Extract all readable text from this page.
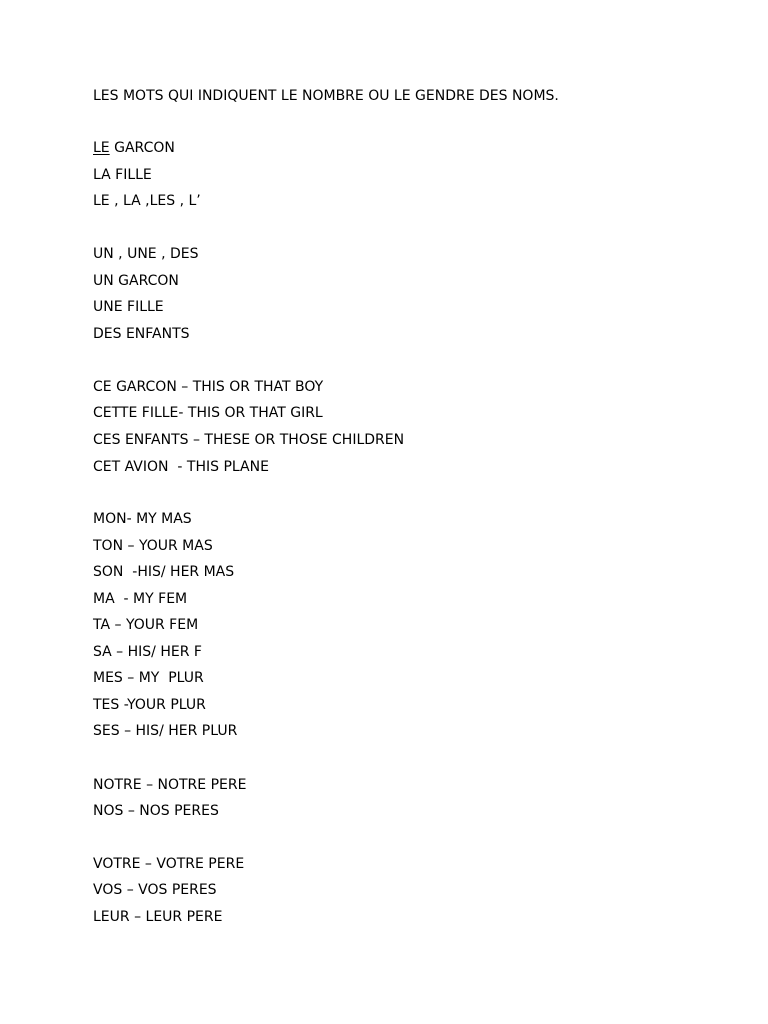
LES MOTS QUI INDIQUENT LE NOMBRE OU LE GENDRE DES NOMS.

LE GARCON

LA FILLE

LE , LA ,LES , L’

UN , UNE , DES

UN GARCON

UNE FILLE

DES ENFANTS

CE GARCON – THIS OR THAT BOY

CETTE FILLE- THIS OR THAT GIRL

CES ENFANTS – THESE OR THOSE CHILDREN

CET AVION  - THIS PLANE

MON- MY MAS

TON – YOUR MAS

SON  -HIS/ HER MAS

MA  - MY FEM

TA – YOUR FEM

SA – HIS/ HER F

MES – MY  PLUR

TES -YOUR PLUR

SES – HIS/ HER PLUR

NOTRE – NOTRE PERE

NOS – NOS PERES

VOTRE – VOTRE PERE

VOS – VOS PERES

LEUR – LEUR PERE
